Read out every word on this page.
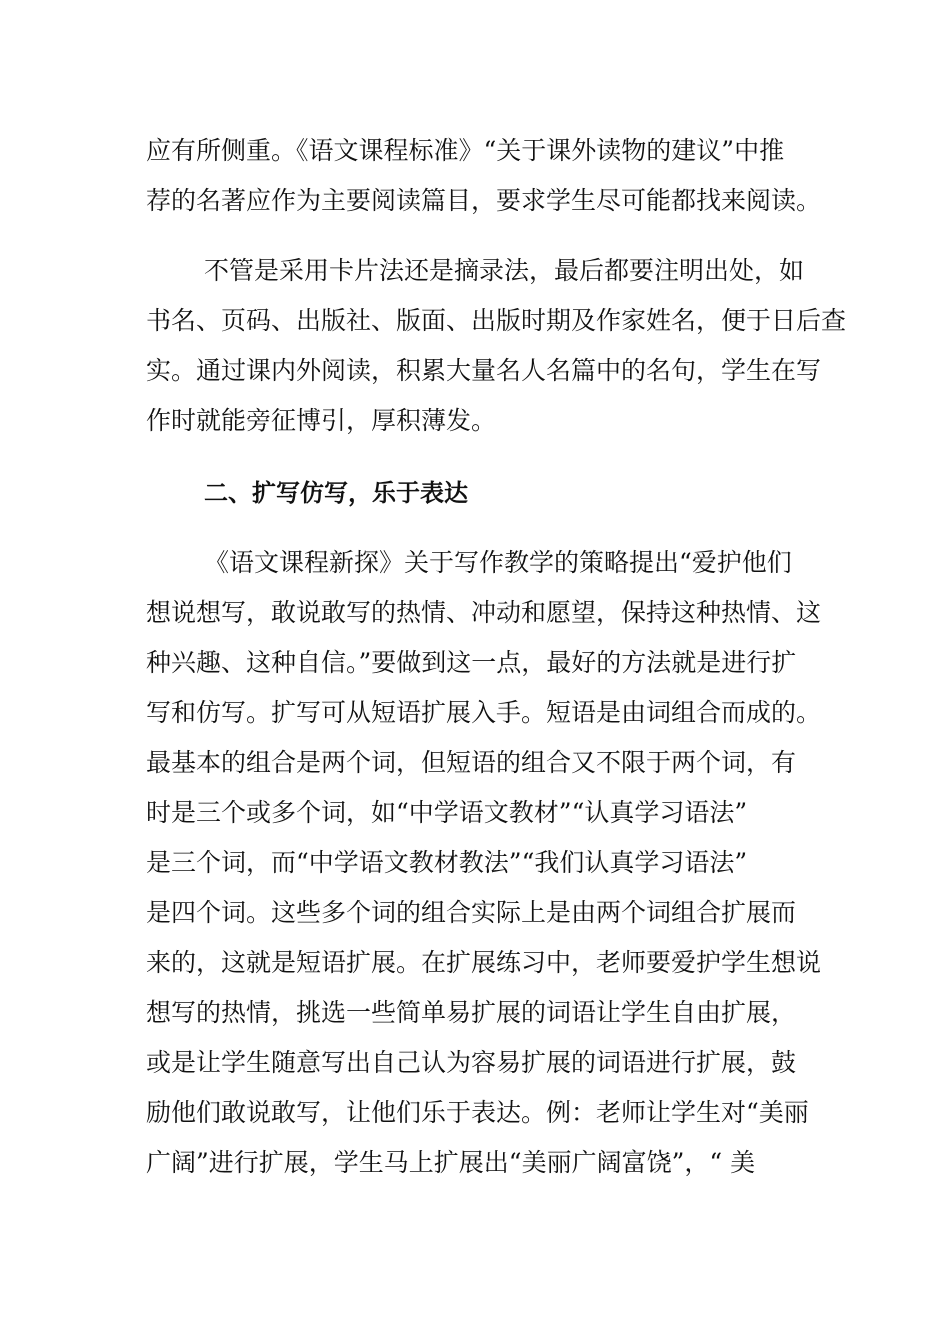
应有所侧重。《语文课程标准》“关于课外读物的建议”中推
荐的名著应作为主要阅读篇目，要求学生尽可能都找来阅读。
不管是采用卡片法还是摘录法，最后都要注明出处，如
书名、页码、出版社、版面、出版时期及作家姓名，便于日后查
实。通过课内外阅读，积累大量名人名篇中的名句，学生在写
作时就能旁征博引，厚积薄发。
二、扩写仿写，乐于表达
《语文课程新探》关于写作教学的策略提出“爱护他们
想说想写，敢说敢写的热情、冲动和愿望，保持这种热情、这
种兴趣、这种自信。”要做到这一点，最好的方法就是进行扩
写和仿写。扩写可从短语扩展入手。短语是由词组合而成的。
最基本的组合是两个词，但短语的组合又不限于两个词，有
时是三个或多个词，如“中学语文教材”“认真学习语法”
是三个词，而“中学语文教材教法”“我们认真学习语法”
是四个词。这些多个词的组合实际上是由两个词组合扩展而
来的，这就是短语扩展。在扩展练习中，老师要爱护学生想说
想写的热情，挑选一些简单易扩展的词语让学生自由扩展，
或是让学生随意写出自己认为容易扩展的词语进行扩展，鼓
励他们敢说敢写，让他们乐于表达。例：老师让学生对“美丽
广阔”进行扩展，学生马上扩展出“美丽广阔富饶”，“ 美
